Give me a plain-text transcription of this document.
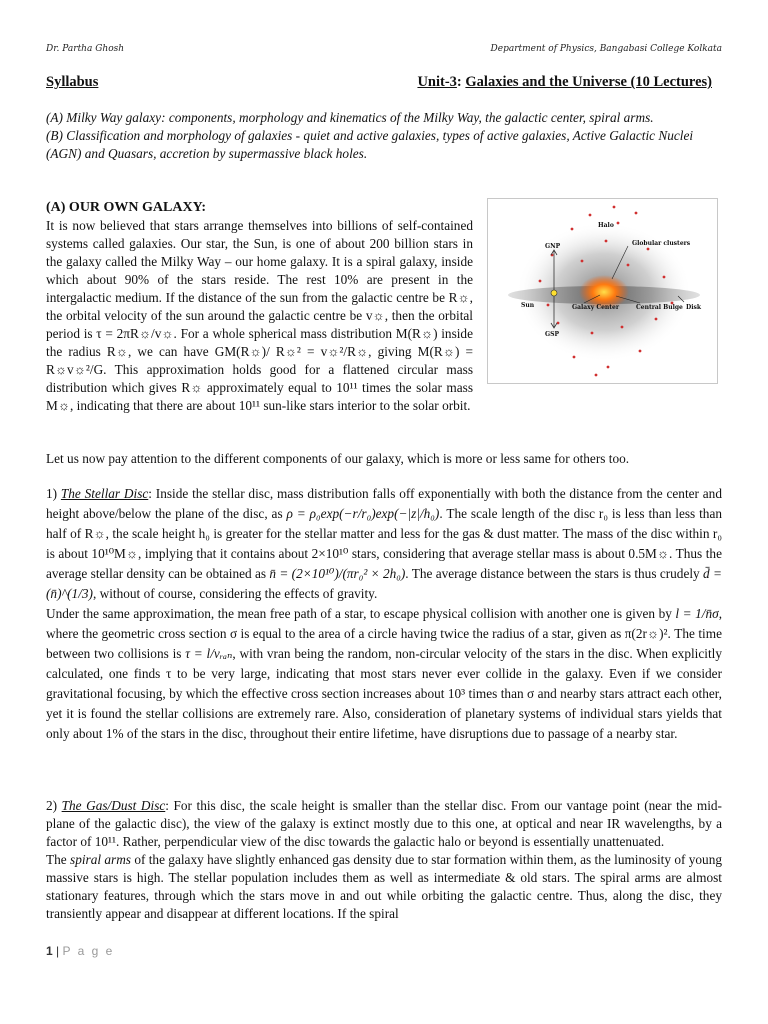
Dr. Partha Ghosh	Department of Physics, Bangabasi College Kolkata
Syllabus	Unit-3: Galaxies and the Universe (10 Lectures)

(A) Milky Way galaxy: components, morphology and kinematics of the Milky Way, the galactic center, spiral arms.

(B) Classification and morphology of galaxies - quiet and active galaxies, types of active galaxies, Active Galactic Nuclei (AGN) and Quasars, accretion by supermassive black holes.

(A) OUR OWN GALAXY:

It is now believed that stars arrange themselves into billions of self-contained systems called galaxies. Our star, the Sun, is one of about 200 billion stars in the galaxy called the Milky Way – our home galaxy. It is a spiral galaxy, inside which about 90% of the stars reside. The rest 10% are present in the intergalactic medium. If the distance of the sun from the galactic centre be R☼, the orbital velocity of the sun around the galactic centre be v☼, then the orbital period is τ = 2πR☼/v☼. For a whole spherical mass distribution M(R☼) inside the radius R☼, we can have GM(R☼)/ R☼² = v☼²/R☼, giving M(R☼) = R☼v☼²/G. This approximation holds good for a flattened circular mass distribution which gives R☼ approximately equal to 10¹¹ times the solar mass M☼, indicating that there are about 10¹¹ sun-like stars interior to the solar orbit.

Halo
Globular clusters
GNP
Sun	Galaxy Center	Central Bulge Disk
GSP
Let us now pay attention to the different components of our galaxy, which is more or less same for others too.

1) The Stellar Disc: Inside the stellar disc, mass distribution falls off exponentially with both the distance from the center and height above/below the plane of the disc, as ρ = ρ₀exp(−r/r₀)exp(−|z|/h₀). The scale length of the disc r₀ is less than less than half of R☼, the scale height h₀ is greater for the stellar matter and less for the gas & dust matter. The mass of the disc within r₀ is about 10¹⁰M☼, implying that it contains about 2×10¹⁰ stars, considering that average stellar mass is about 0.5M☼. Thus the average stellar density can be obtained as n̄ = (2×10¹⁰)/(πr₀² × 2h₀). The average distance between the stars is thus crudely d̄ = (n̄)^(1/3), without of course, considering the effects of gravity.

Under the same approximation, the mean free path of a star, to escape physical collision with another one is given by l = 1/n̄σ, where the geometric cross section σ is equal to the area of a circle having twice the radius of a star, given as π(2r☼)². The time between two collisions is τ = l/vᵣₐₙ, with vran being the random, non-circular velocity of the stars in the disc. When explicitly calculated, one finds τ to be very large, indicating that most stars never ever collide in the galaxy. Even if we consider gravitational focusing, by which the effective cross section increases about 10³ times than σ and nearby stars attract each other, yet it is found the stellar collisions are extremely rare. Also, consideration of planetary systems of individual stars yields that only about 1% of the stars in the disc, throughout their entire lifetime, have disruptions due to passage of a nearby star.

2) The Gas/Dust Disc: For this disc, the scale height is smaller than the stellar disc. From our vantage point (near the mid-plane of the galactic disc), the view of the galaxy is extinct mostly due to this one, at optical and near IR wavelengths, by a factor of 10¹¹. Rather, perpendicular view of the disc towards the galactic halo or beyond is essentially unattenuated.

The spiral arms of the galaxy have slightly enhanced gas density due to star formation within them, as the luminosity of young massive stars is high. The stellar population includes them as well as intermediate & old stars. The spiral arms are almost stationary features, through which the stars move in and out while orbiting the galactic centre. Thus, along the disc, they transiently appear and disappear at different locations. If the spiral

1 | P a g e
